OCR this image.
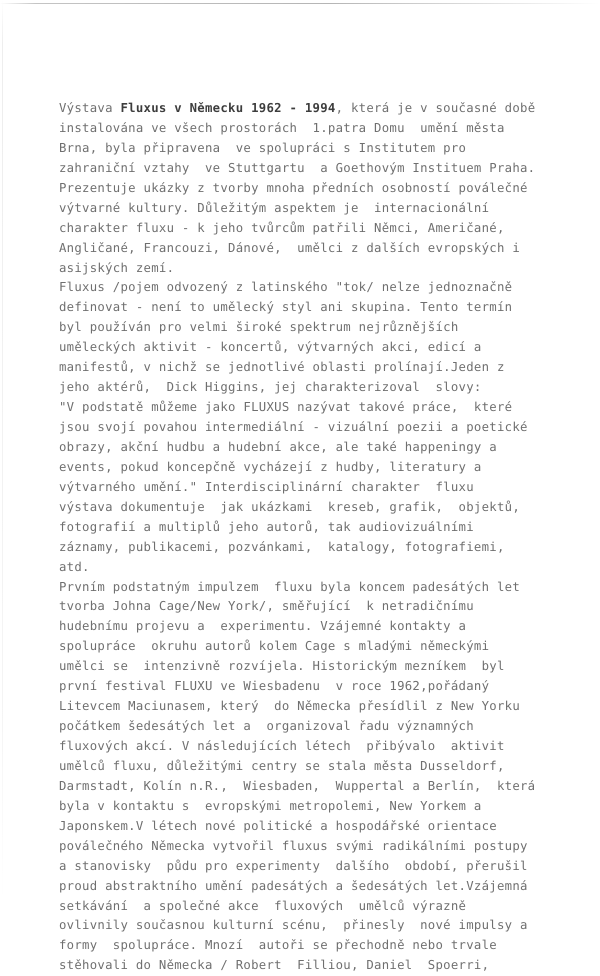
Výstava Fluxus v Německu 1962 - 1994, která je v současné době
instalována ve všech prostorách  1.patra Domu  umění města
Brna, byla připravena  ve spolupráci s Institutem pro
zahraniční vztahy  ve Stuttgartu  a Goethovým Instituem Praha.
Prezentuje ukázky z tvorby mnoha předních osobností poválečné
výtvarné kultury. Důležitým aspektem je  internacionální
charakter fluxu - k jeho tvůrcům patřili Němci, Američané,
Angličané, Francouzi, Dánové,  umělci z dalších evropských i
asijských zemí.
Fluxus /pojem odvozený z latinského "tok/ nelze jednoznačně
definovat - není to umělecký styl ani skupina. Tento termín
byl používán pro velmi široké spektrum nejrůznějších
uměleckých aktivit - koncertů, výtvarných akci, edicí a
manifestů, v nichž se jednotlivé oblasti prolínají.Jeden z
jeho aktérů,  Dick Higgins, jej charakterizoval  slovy:
"V podstatě můžeme jako FLUXUS nazývat takové práce,  které
jsou svojí povahou intermediální - vizuální poezii a poetické
obrazy, akční hudbu a hudební akce, ale také happeningy a
events, pokud koncepčně vycházejí z hudby, literatury a
výtvarného umění." Interdisciplinární charakter  fluxu
výstava dokumentuje  jak ukázkami  kreseb, grafik,  objektů,
fotografií a multiplů jeho autorů, tak audiovizuálními
záznamy, publikacemi, pozvánkami,  katalogy, fotografiemi,
atd.
Prvním podstatným impulzem  fluxu byla koncem padesátých let
tvorba Johna Cage/New York/, směřující  k netradičnímu
hudebnímu projevu a  experimentu. Vzájemné kontakty a
spolupráce  okruhu autorů kolem Cage s mladými německými
umělci se  intenzivně rozvíjela. Historickým mezníkem  byl
první festival FLUXU ve Wiesbadenu  v roce 1962,pořádaný
Litevcem Maciunasem, který  do Německa přesídlil z New Yorku
počátkem šedesátých let a  organizoval řadu významných
fluxových akcí. V následujících létech  přibývalo  aktivit
umělců fluxu, důležitými centry se stala města Dusseldorf,
Darmstadt, Kolín n.R.,  Wiesbaden,  Wuppertal a Berlín,  která
byla v kontaktu s  evropskými metropolemi, New Yorkem a
Japonskem.V létech nové politické a hospodářské orientace
poválečného Německa vytvořil fluxus svými radikálními postupy
a stanovisky  půdu pro experimenty  dalšího  období, přerušil
proud abstraktního umění padesátých a šedesátých let.Vzájemná
setkávání  a společné akce  fluxových  umělců výrazně
ovlivnily současnou kulturní scénu,  přinesly  nové impulsy a
formy  spolupráce. Mnozí  autoři se přechodně nebo trvale
stěhovali do Německa / Robert  Filliou, Daniel  Spoerri,
